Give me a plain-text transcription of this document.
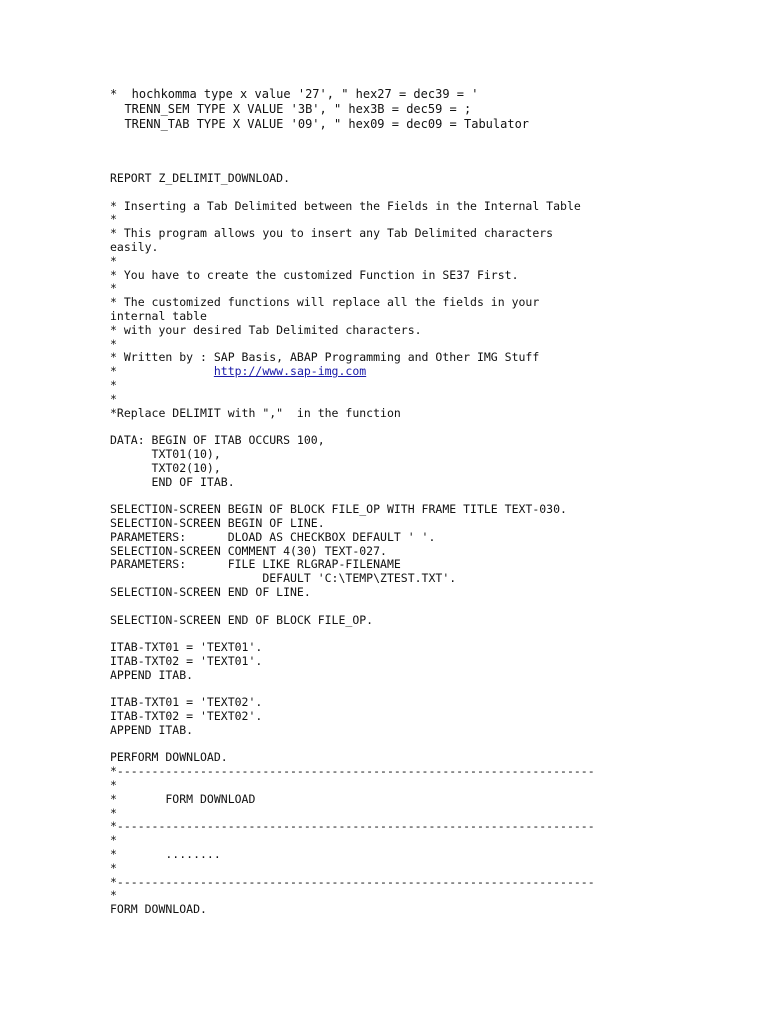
*  hochkomma type x value '27', " hex27 = dec39 = '
TRENN_SEM TYPE X VALUE '3B', " hex3B = dec59 = ;
TRENN_TAB TYPE X VALUE '09', " hex09 = dec09 = Tabulator
REPORT Z_DELIMIT_DOWNLOAD.
* Inserting a Tab Delimited between the Fields in the Internal Table
*
* This program allows you to insert any Tab Delimited characters
easily.
*
* You have to create the customized Function in SE37 First.
*
* The customized functions will replace all the fields in your
internal table
* with your desired Tab Delimited characters.
*
* Written by : SAP Basis, ABAP Programming and Other IMG Stuff
*              http://www.sap-img.com
*
*
*Replace DELIMIT with ","  in the function
DATA: BEGIN OF ITAB OCCURS 100,
TXT01(10),
TXT02(10),
END OF ITAB.
SELECTION-SCREEN BEGIN OF BLOCK FILE_OP WITH FRAME TITLE TEXT-030.
SELECTION-SCREEN BEGIN OF LINE.
PARAMETERS:      DLOAD AS CHECKBOX DEFAULT ' '.
SELECTION-SCREEN COMMENT 4(30) TEXT-027.
PARAMETERS:      FILE LIKE RLGRAP-FILENAME
DEFAULT 'C:\TEMP\ZTEST.TXT'.
SELECTION-SCREEN END OF LINE.
SELECTION-SCREEN END OF BLOCK FILE_OP.
ITAB-TXT01 = 'TEXT01'.
ITAB-TXT02 = 'TEXT01'.
APPEND ITAB.
ITAB-TXT01 = 'TEXT02'.
ITAB-TXT02 = 'TEXT02'.
APPEND ITAB.
PERFORM DOWNLOAD.
*---------------------------------------------------------------------
*
*       FORM DOWNLOAD
*
*---------------------------------------------------------------------
*
*       ........
*
*---------------------------------------------------------------------
*
FORM DOWNLOAD.
